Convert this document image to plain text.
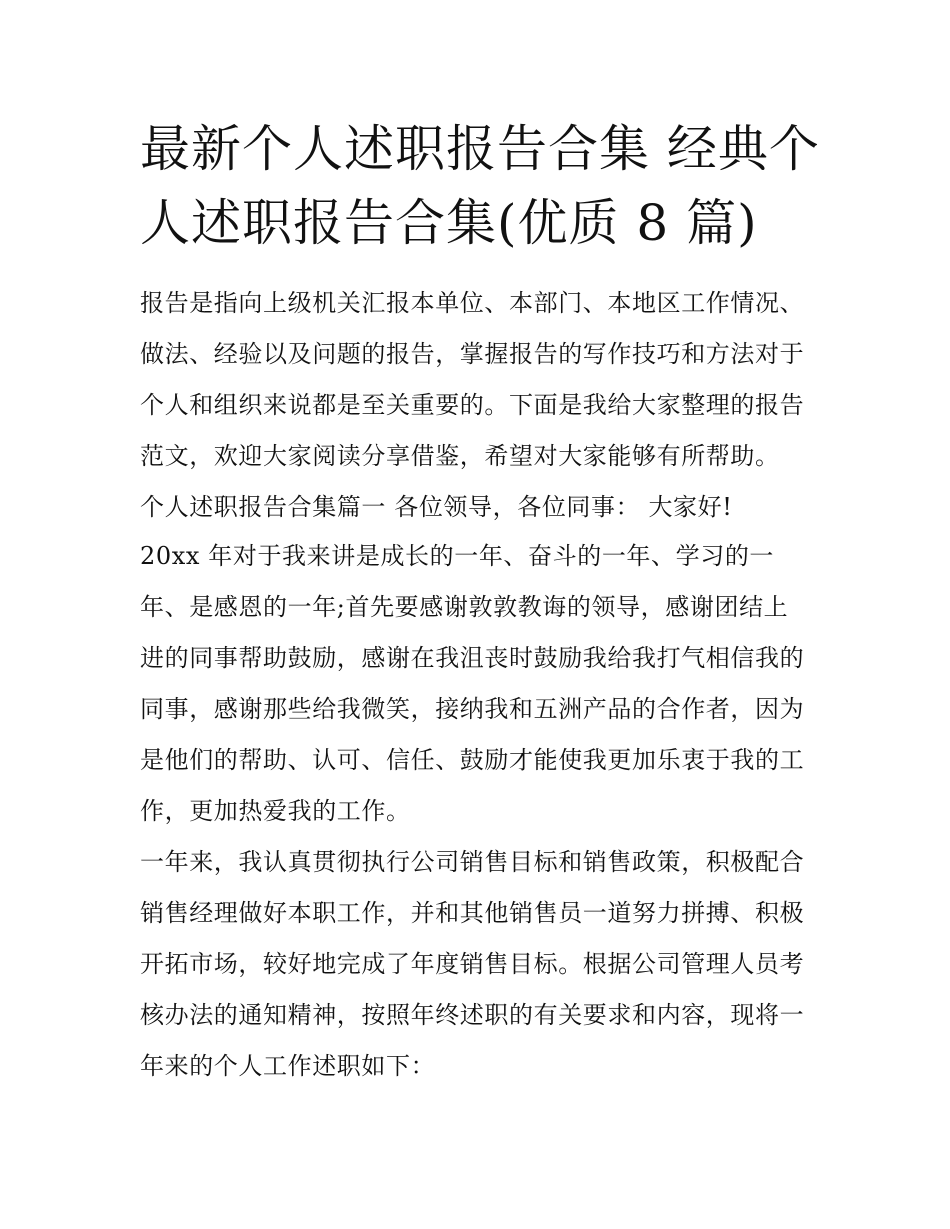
最新个人述职报告合集 经典个
人述职报告合集(优质 8 篇)

报告是指向上级机关汇报本单位、本部门、本地区工作情况、
做法、经验以及问题的报告，掌握报告的写作技巧和方法对于
个人和组织来说都是至关重要的。下面是我给大家整理的报告
范文，欢迎大家阅读分享借鉴，希望对大家能够有所帮助。

个人述职报告合集篇一 各位领导，各位同事： 大家好!

20xx 年对于我来讲是成长的一年、奋斗的一年、学习的一
年、是感恩的一年;首先要感谢敦敦教诲的领导，感谢团结上
进的同事帮助鼓励，感谢在我沮丧时鼓励我给我打气相信我的
同事，感谢那些给我微笑，接纳我和五洲产品的合作者，因为
是他们的帮助、认可、信任、鼓励才能使我更加乐衷于我的工
作，更加热爱我的工作。

一年来，我认真贯彻执行公司销售目标和销售政策，积极配合
销售经理做好本职工作，并和其他销售员一道努力拼搏、积极
开拓市场，较好地完成了年度销售目标。根据公司管理人员考
核办法的通知精神，按照年终述职的有关要求和内容，现将一
年来的个人工作述职如下：
